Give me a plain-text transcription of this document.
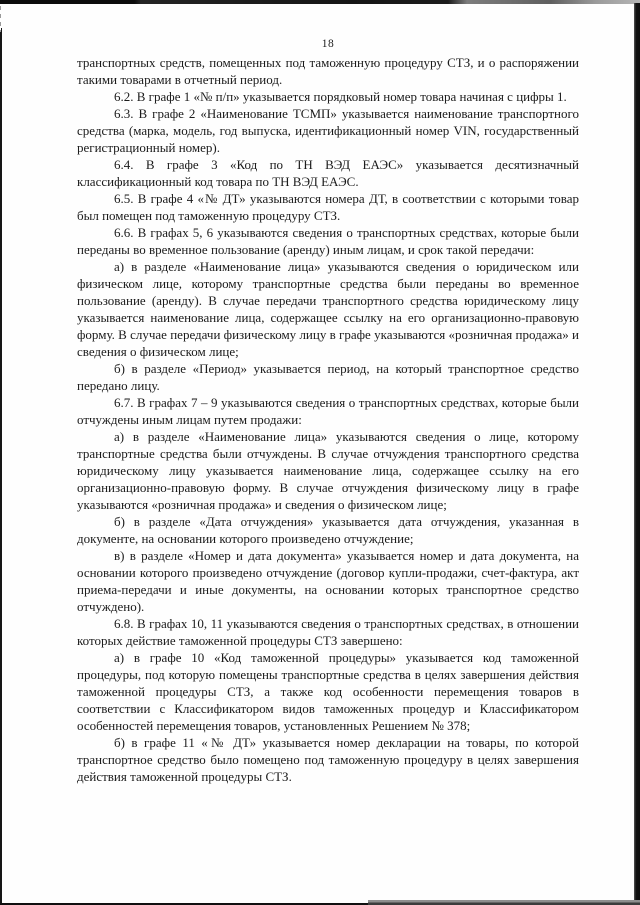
18

транспортных средств, помещенных под таможенную процедуру СТЗ, и о распоряжении такими товарами в отчетный период.

6.2. В графе 1 «№ п/п» указывается порядковый номер товара начиная с цифры 1.

6.3. В графе 2 «Наименование ТСМП» указывается наименование транспортного средства (марка, модель, год выпуска, идентификационный номер VIN, государственный регистрационный номер).

6.4. В графе 3 «Код по ТН ВЭД ЕАЭС» указывается десятизначный классификационный код товара по ТН ВЭД ЕАЭС.

6.5. В графе 4 «№ ДТ» указываются номера ДТ, в соответствии с которыми товар был помещен под таможенную процедуру СТЗ.

6.6. В графах 5, 6 указываются сведения о транспортных средствах, которые были переданы во временное пользование (аренду) иным лицам, и срок такой передачи:

а) в разделе «Наименование лица» указываются сведения о юридическом или физическом лице, которому транспортные средства были переданы во временное пользование (аренду). В случае передачи транспортного средства юридическому лицу указывается наименование лица, содержащее ссылку на его организационно-правовую форму. В случае передачи физическому лицу в графе указываются «розничная продажа» и сведения о физическом лице;

б) в разделе «Период» указывается период, на который транспортное средство передано лицу.

6.7. В графах 7 – 9 указываются сведения о транспортных средствах, которые были отчуждены иным лицам путем продажи:

а) в разделе «Наименование лица» указываются сведения о лице, которому транспортные средства были отчуждены. В случае отчуждения транспортного средства юридическому лицу указывается наименование лица, содержащее ссылку на его организационно-правовую форму. В случае отчуждения физическому лицу в графе указываются «розничная продажа» и сведения о физическом лице;

б) в разделе «Дата отчуждения» указывается дата отчуждения, указанная в документе, на основании которого произведено отчуждение;

в) в разделе «Номер и дата документа» указывается номер и дата документа, на основании которого произведено отчуждение (договор купли-продажи, счет-фактура, акт приема-передачи и иные документы, на основании которых транспортное средство отчуждено).

6.8. В графах 10, 11 указываются сведения о транспортных средствах, в отношении которых действие таможенной процедуры СТЗ завершено:

а) в графе 10 «Код таможенной процедуры» указывается код таможенной процедуры, под которую помещены транспортные средства в целях завершения действия таможенной процедуры СТЗ, а также код особенности перемещения товаров в соответствии с Классификатором видов таможенных процедур и Классификатором особенностей перемещения товаров, установленных Решением № 378;

б) в графе 11 «№ ДТ» указывается номер декларации на товары, по которой транспортное средство было помещено под таможенную процедуру в целях завершения действия таможенной процедуры СТЗ.
